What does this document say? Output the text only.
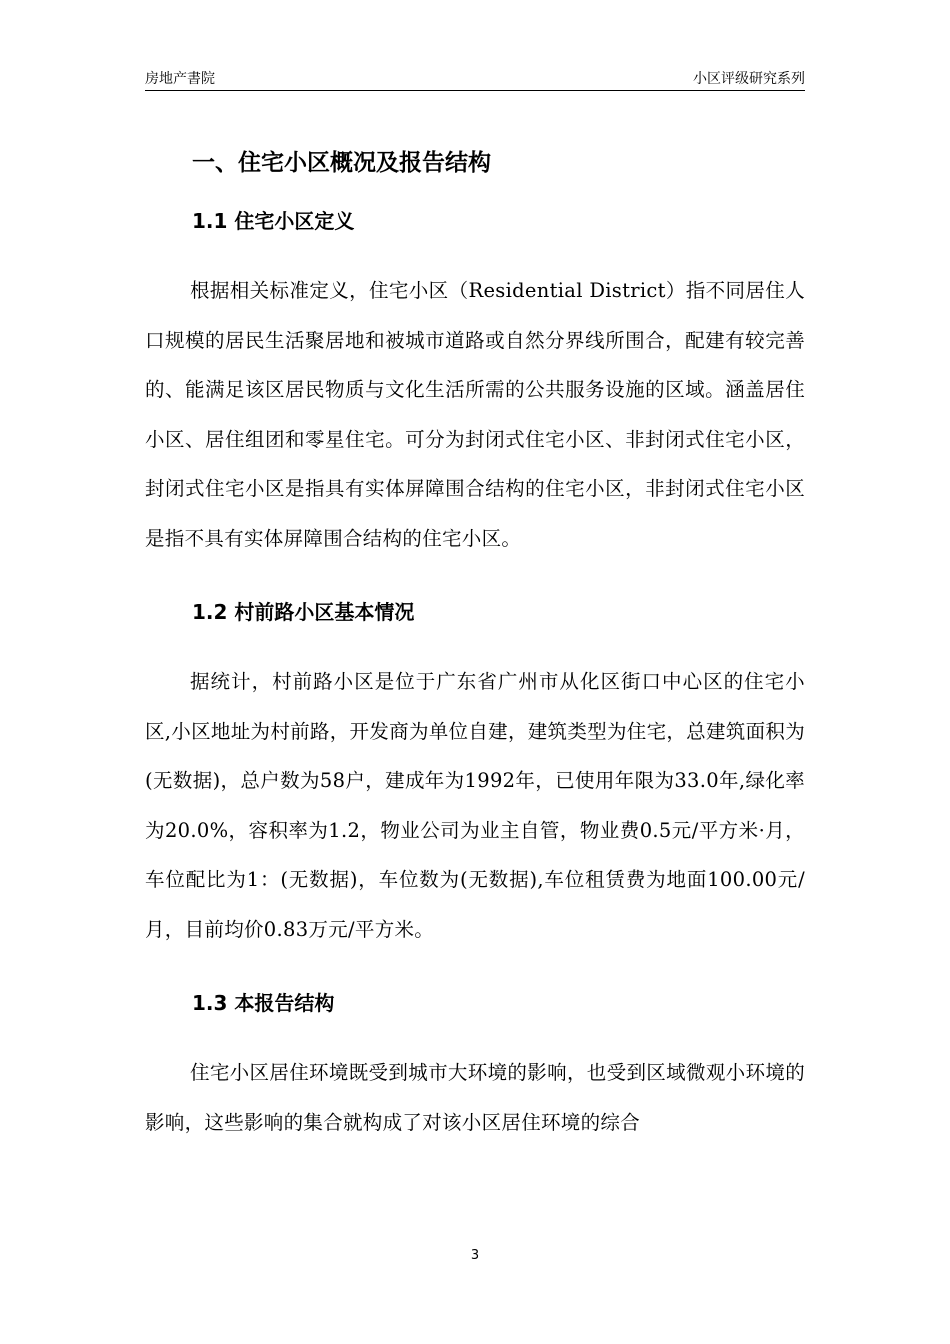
房地产書院	小区评级研究系列
一、住宅小区概况及报告结构
1.1 住宅小区定义

根据相关标准定义，住宅小区（Residential District）指不同居住人口规模的居民生活聚居地和被城市道路或自然分界线所围合，配建有较完善的、能满足该区居民物质与文化生活所需的公共服务设施的区域。涵盖居住小区、居住组团和零星住宅。可分为封闭式住宅小区、非封闭式住宅小区，封闭式住宅小区是指具有实体屏障围合结构的住宅小区，非封闭式住宅小区是指不具有实体屏障围合结构的住宅小区。

1.2 村前路小区基本情况

据统计，村前路小区是位于广东省广州市从化区街口中心区的住宅小区,小区地址为村前路，开发商为单位自建，建筑类型为住宅，总建筑面积为(无数据)，总户数为58户，建成年为1992年，已使用年限为33.0年,绿化率为20.0%，容积率为1.2，物业公司为业主自管，物业费0.5元/平方米·月，车位配比为1：(无数据)，车位数为(无数据),车位租赁费为地面100.00元/月，目前均价0.83万元/平方米。

1.3 本报告结构

住宅小区居住环境既受到城市大环境的影响，也受到区域微观小环境的影响，这些影响的集合就构成了对该小区居住环境的综合

3
